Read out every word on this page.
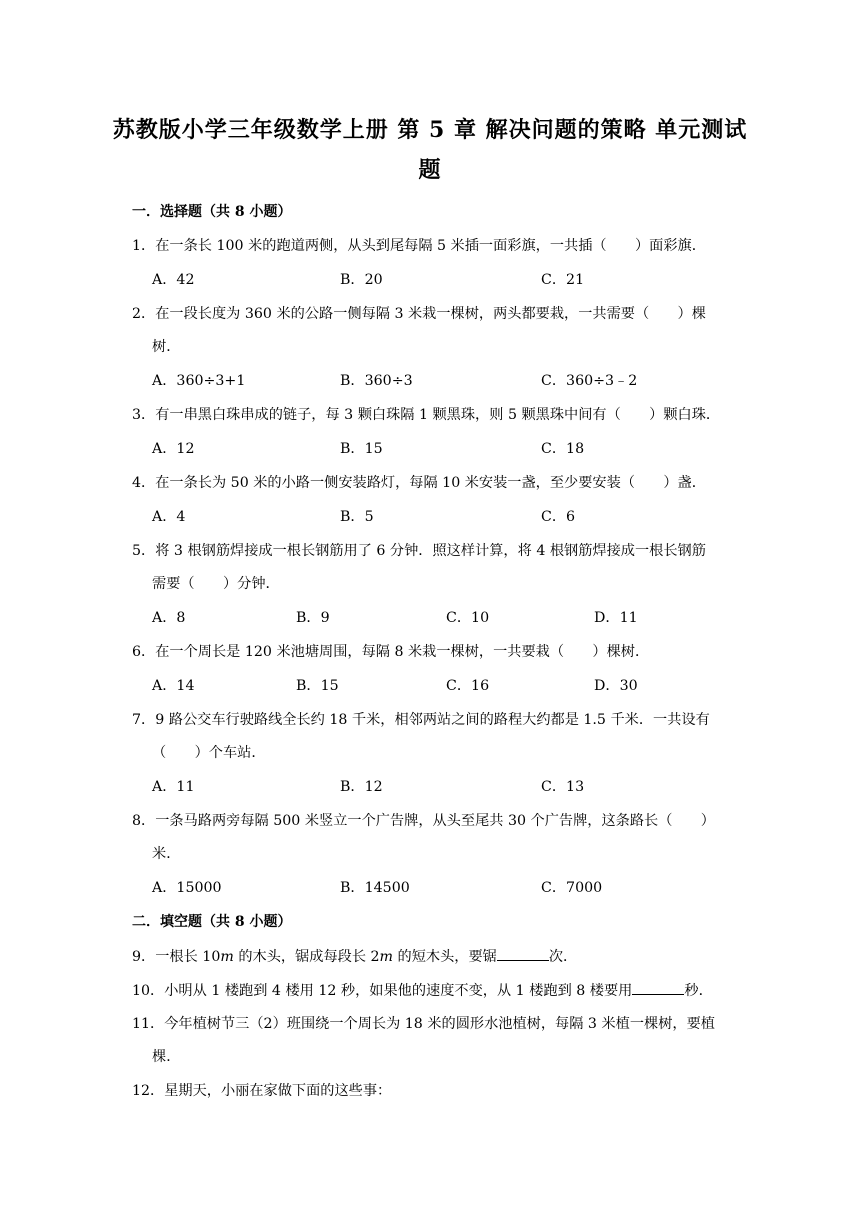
苏教版小学三年级数学上册 第 5 章 解决问题的策略 单元测试
题
一．选择题（共 8 小题）
1．在一条长 100 米的跑道两侧，从头到尾每隔 5 米插一面彩旗，一共插（　　）面彩旗．
A．42	B．20	C．21
2．在一段长度为 360 米的公路一侧每隔 3 米栽一棵树，两头都要栽，一共需要（　　）棵
树．
A．360÷3+1	B．360÷3	C．360÷3﹣2
3．有一串黑白珠串成的链子，每 3 颗白珠隔 1 颗黑珠，则 5 颗黑珠中间有（　　）颗白珠．
A．12	B．15	C．18
4．在一条长为 50 米的小路一侧安装路灯，每隔 10 米安装一盏，至少要安装（　　）盏．
A．4	B．5	C．6
5．将 3 根钢筋焊接成一根长钢筋用了 6 分钟．照这样计算，将 4 根钢筋焊接成一根长钢筋
需要（　　）分钟．
A．8	B．9	C．10	D．11
6．在一个周长是 120 米池塘周围，每隔 8 米栽一棵树，一共要栽（　　）棵树．
A．14	B．15	C．16	D．30
7．9 路公交车行驶路线全长约 18 千米，相邻两站之间的路程大约都是 1.5 千米．一共设有
（　　）个车站．
A．11	B．12	C．13
8．一条马路两旁每隔 500 米竖立一个广告牌，从头至尾共 30 个广告牌，这条路长（　　）
米．
A．15000	B．14500	C．7000
二．填空题（共 8 小题）
9．一根长 10m 的木头，锯成每段长 2m 的短木头，要锯	次．
10．小明从 1 楼跑到 4 楼用 12 秒，如果他的速度不变，从 1 楼跑到 8 楼要用	秒．
11．今年植树节三（2）班围绕一个周长为 18 米的圆形水池植树，每隔 3 米植一棵树，要植
棵．
12．星期天，小丽在家做下面的这些事：
